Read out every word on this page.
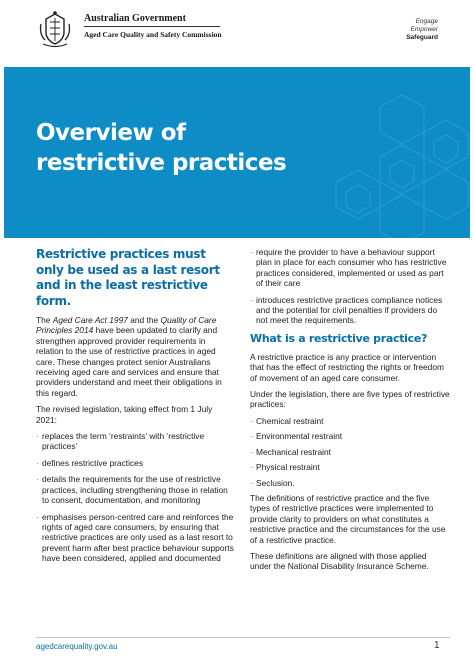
Australian Government
Aged Care Quality and Safety Commission
Engage
Empower
Safeguard
Overview of
restrictive practices
Restrictive practices must only be used as a last resort and in the least restrictive form.

The Aged Care Act 1997 and the Quality of Care Principles 2014 have been updated to clarify and strengthen approved provider requirements in relation to the use of restrictive practices in aged care. These changes protect senior Australians receiving aged care and services and ensure that providers understand and meet their obligations in this regard.

The revised legislation, taking effect from 1 July 2021:

· replaces the term ‘restraints’ with ‘restrictive practices’
· defines restrictive practices
· details the requirements for the use of restrictive practices, including strengthening those in relation to consent, documentation, and monitoring
· emphasises person-centred care and reinforces the rights of aged care consumers, by ensuring that restrictive practices are only used as a last resort to prevent harm after best practice behaviour supports have been considered, applied and documented
· require the provider to have a behaviour support plan in place for each consumer who has restrictive practices considered, implemented or used as part of their care
· introduces restrictive practices compliance notices and the potential for civil penalties if providers do not meet the requirements.
What is a restrictive practice?

A restrictive practice is any practice or intervention that has the effect of restricting the rights or freedom of movement of an aged care consumer.

Under the legislation, there are five types of restrictive practices:

· Chemical restraint
· Environmental restraint
· Mechanical restraint
· Physical restraint
· Seclusion.

The definitions of restrictive practice and the five types of restrictive practices were implemented to provide clarity to providers on what constitutes a restrictive practice and the circumstances for the use of a restrictive practice.

These definitions are aligned with those applied under the National Disability Insurance Scheme.

agedcarequality.gov.au	1
